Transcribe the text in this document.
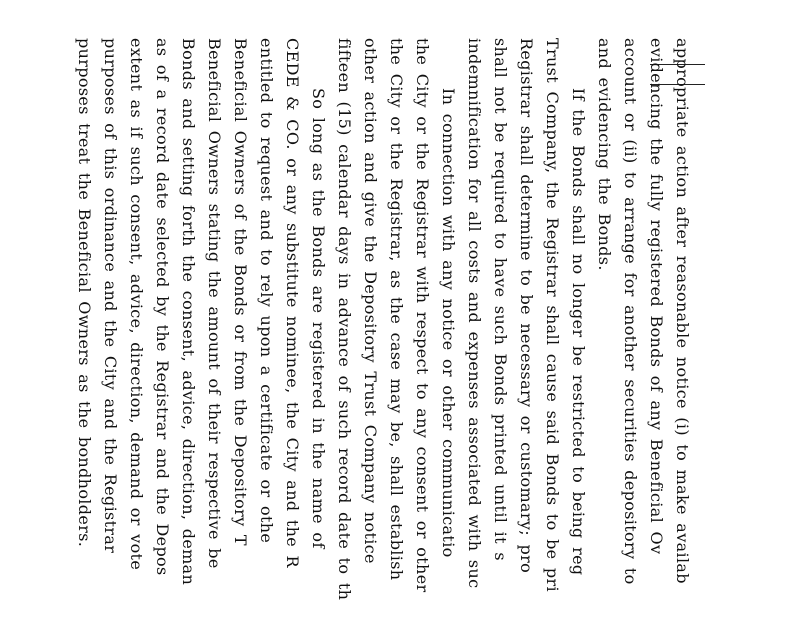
appropriate action after reasonable notice (i) to make availab
evidencing the fully registered Bonds of any Beneficial Ov
account or (ii) to arrange for another securities depository to
and evidencing the Bonds.
If the Bonds shall no longer be restricted to being reg
Trust Company, the Registrar shall cause said Bonds to be pri
Registrar shall determine to be necessary or customary; pro
shall not be required to have such Bonds printed until it s
indemnification for all costs and expenses associated with suc
In connection with any notice or other communicatio
the City or the Registrar with respect to any consent or other
the City or the Registrar, as the case may be, shall establish
other action and give the Depository Trust Company notice
fifteen (15) calendar days in advance of such record date to th
So long as the Bonds are registered in the name of
CEDE & CO. or any substitute nominee, the City and the R
entitled to request and to rely upon a certificate or othe
Beneficial Owners of the Bonds or from the Depository T
Beneficial Owners stating the amount of their respective be
Bonds and setting forth the consent, advice, direction, deman
as of a record date selected by the Registrar and the Depos
extent as if such consent, advice, direction, demand or vote
purposes of this ordinance and the City and the Registrar
purposes treat the Beneficial Owners as the bondholders.
